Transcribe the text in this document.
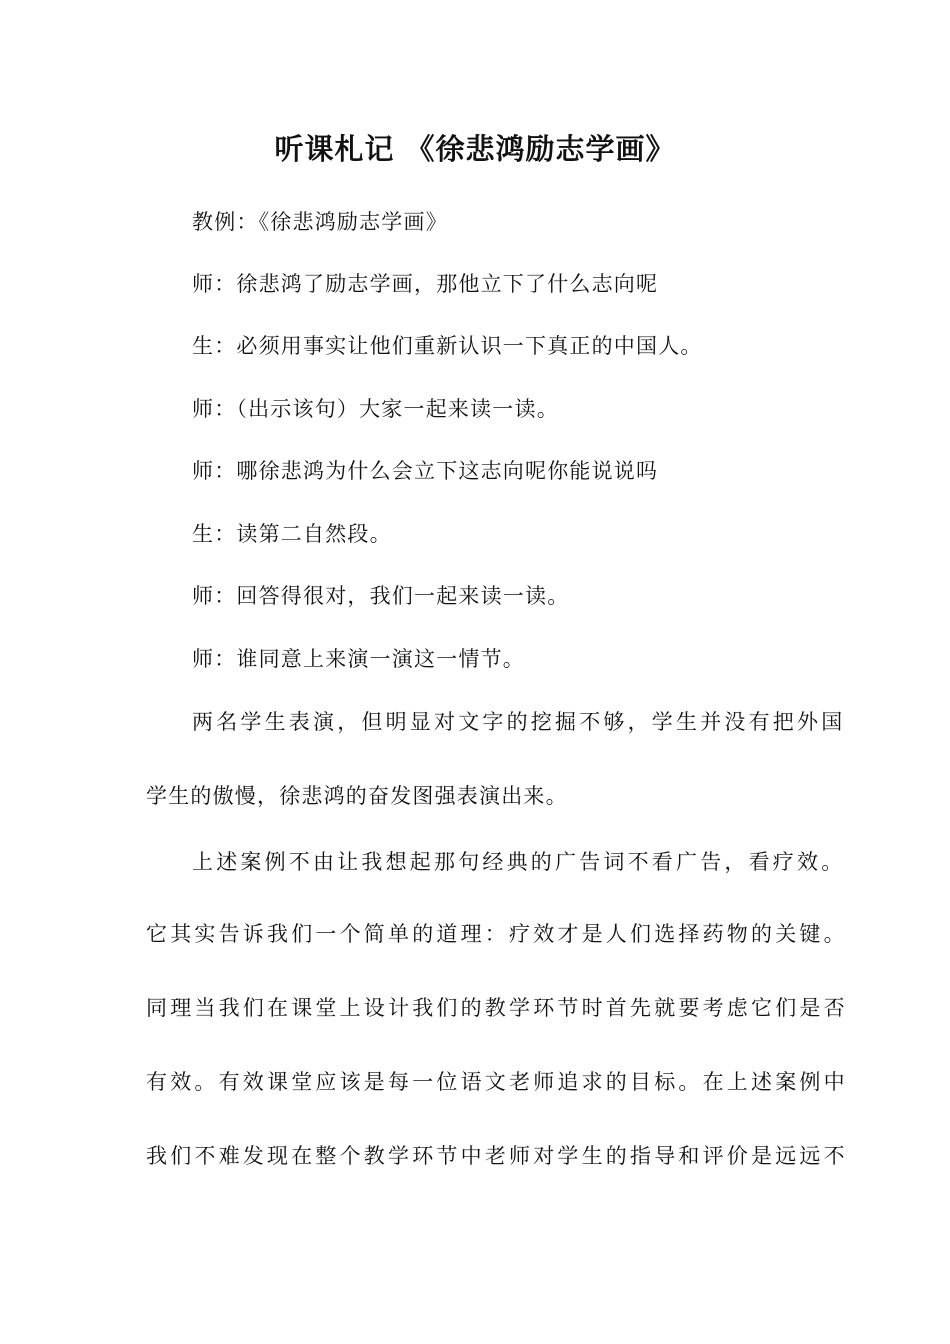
听课札记 《徐悲鸿励志学画》
教例：《徐悲鸿励志学画》
师：徐悲鸿了励志学画，那他立下了什么志向呢
生：必须用事实让他们重新认识一下真正的中国人。
师：（出示该句）大家一起来读一读。
师：哪徐悲鸿为什么会立下这志向呢你能说说吗
生：读第二自然段。
师：回答得很对，我们一起来读一读。
师：谁同意上来演一演这一情节。
两名学生表演，但明显对文字的挖掘不够，学生并没有把外国
学生的傲慢，徐悲鸿的奋发图强表演出来。
上述案例不由让我想起那句经典的广告词不看广告，看疗效。
它其实告诉我们一个简单的道理：疗效才是人们选择药物的关键。
同理当我们在课堂上设计我们的教学环节时首先就要考虑它们是否
有效。有效课堂应该是每一位语文老师追求的目标。在上述案例中
我们不难发现在整个教学环节中老师对学生的指导和评价是远远不
